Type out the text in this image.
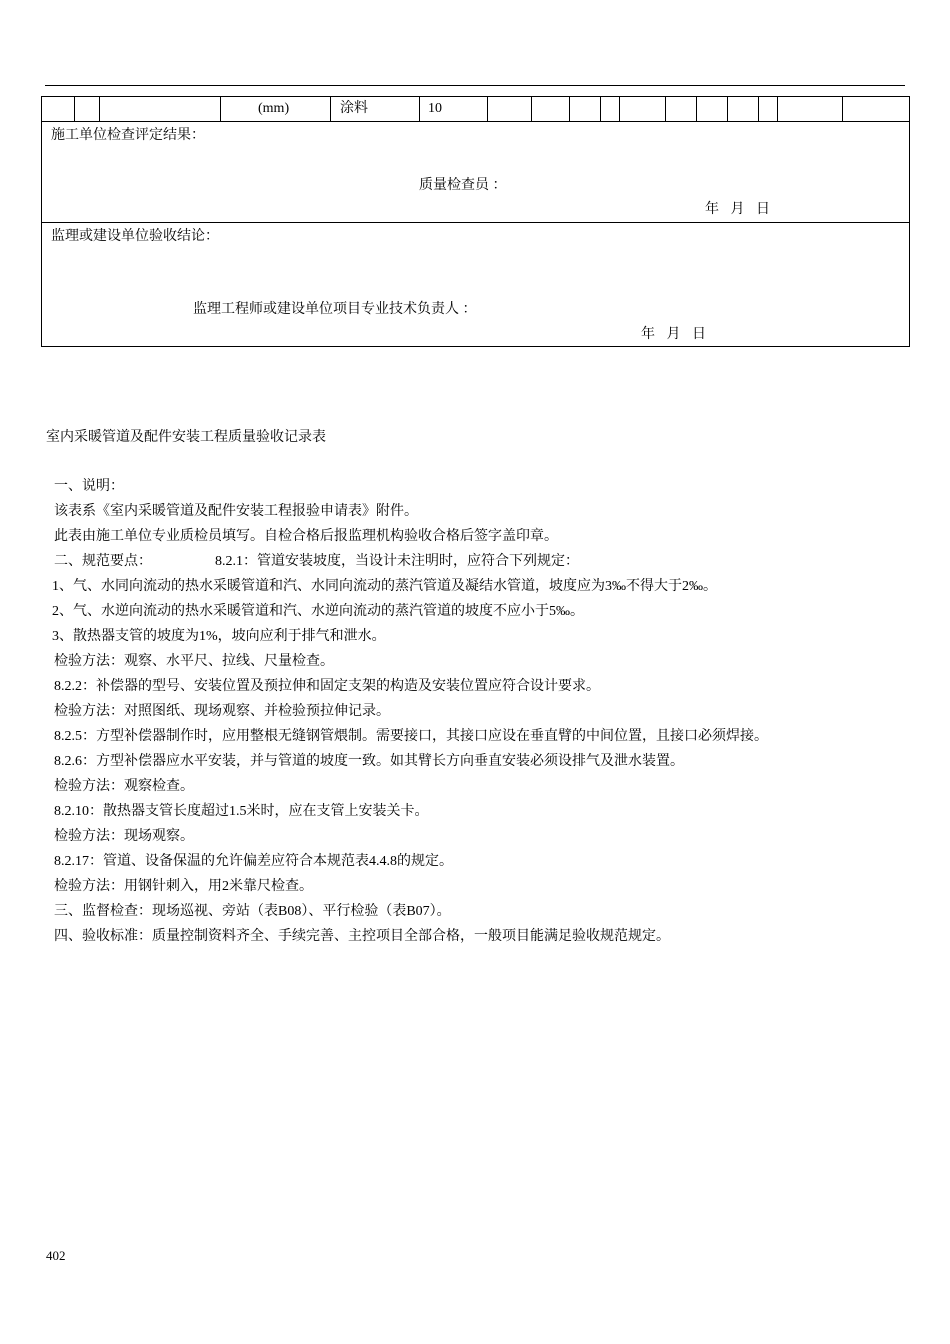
(mm)	涂料	10
施工单位检查评定结果：
质量检查员 ：
年 月 日
监理或建设单位验收结论：
监理工程师或建设单位项目专业技术负责人 ：
年 月 日
室内采暖管道及配件安装工程质量验收记录表
一、说明：
该表系《室内采暖管道及配件安装工程报验申请表》附件。
此表由施工单位专业质检员填写。自检合格后报监理机构验收合格后签字盖印章。
二、规范要点：                  8.2.1：管道安装坡度，当设计未注明时，应符合下列规定：
1、气、水同向流动的热水采暖管道和汽、水同向流动的蒸汽管道及凝结水管道，坡度应为3‰不得大于2‰。
2、气、水逆向流动的热水采暖管道和汽、水逆向流动的蒸汽管道的坡度不应小于5‰。
3、散热器支管的坡度为1%，坡向应利于排气和泄水。
检验方法：观察、水平尺、拉线、尺量检查。
8.2.2：补偿器的型号、安装位置及预拉伸和固定支架的构造及安装位置应符合设计要求。
检验方法：对照图纸、现场观察、并检验预拉伸记录。
8.2.5：方型补偿器制作时，应用整根无缝钢管煨制。需要接口，其接口应设在垂直臂的中间位置，且接口必须焊接。
8.2.6：方型补偿器应水平安装，并与管道的坡度一致。如其臂长方向垂直安装必须设排气及泄水装置。
检验方法：观察检查。
8.2.10：散热器支管长度超过1.5米时，应在支管上安装关卡。
检验方法：现场观察。
8.2.17：管道、设备保温的允许偏差应符合本规范表4.4.8的规定。
检验方法：用钢针刺入，用2米靠尺检查。
三、监督检查：现场巡视、旁站（表B08）、平行检验（表B07）。
四、验收标准：质量控制资料齐全、手续完善、主控项目全部合格，一般项目能满足验收规范规定。
402
